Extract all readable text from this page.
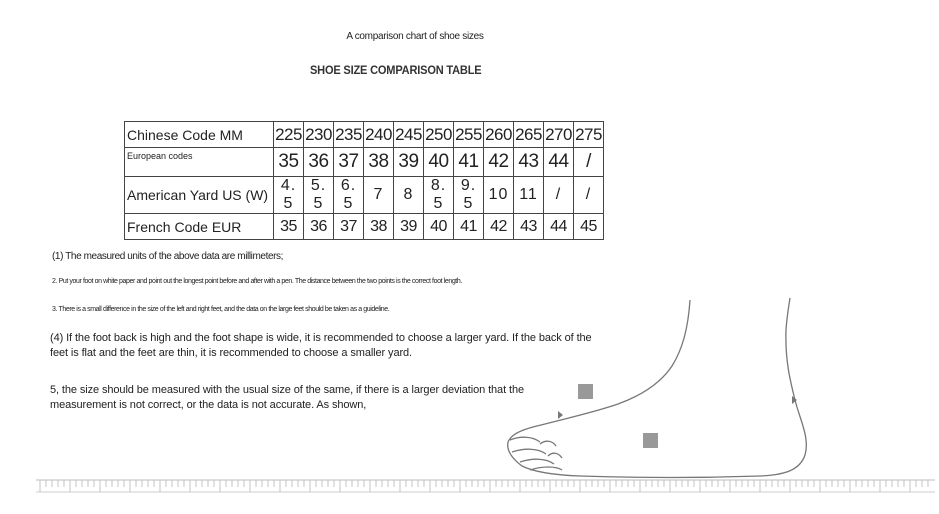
A comparison chart of shoe sizes
SHOE SIZE COMPARISON TABLE
Chinese Code MM	225	230	235	240	245	250	255	260	265	270	275
European codes	35	36	37	38	39	40	41	42	43	44	/
American Yard US (W)	4. 5	5. 5	6. 5	7	8	8. 5	9. 5	10	11	/	/
French Code EUR	35	36	37	38	39	40	41	42	43	44	45
(1) The measured units of the above data are millimeters;
2. Put your foot on white paper and point out the longest point before and after with a pen. The distance between the two points is the correct foot length.
3. There is a small difference in the size of the left and right feet, and the data on the large feet should be taken as a guideline.
(4) If the foot back is high and the foot shape is wide, it is recommended to choose a larger yard. If the back of the feet is flat and the feet are thin, it is recommended to choose a smaller yard.
5, the size should be measured with the usual size of the same, if there is a larger deviation that the measurement is not correct, or the data is not accurate. As shown,
